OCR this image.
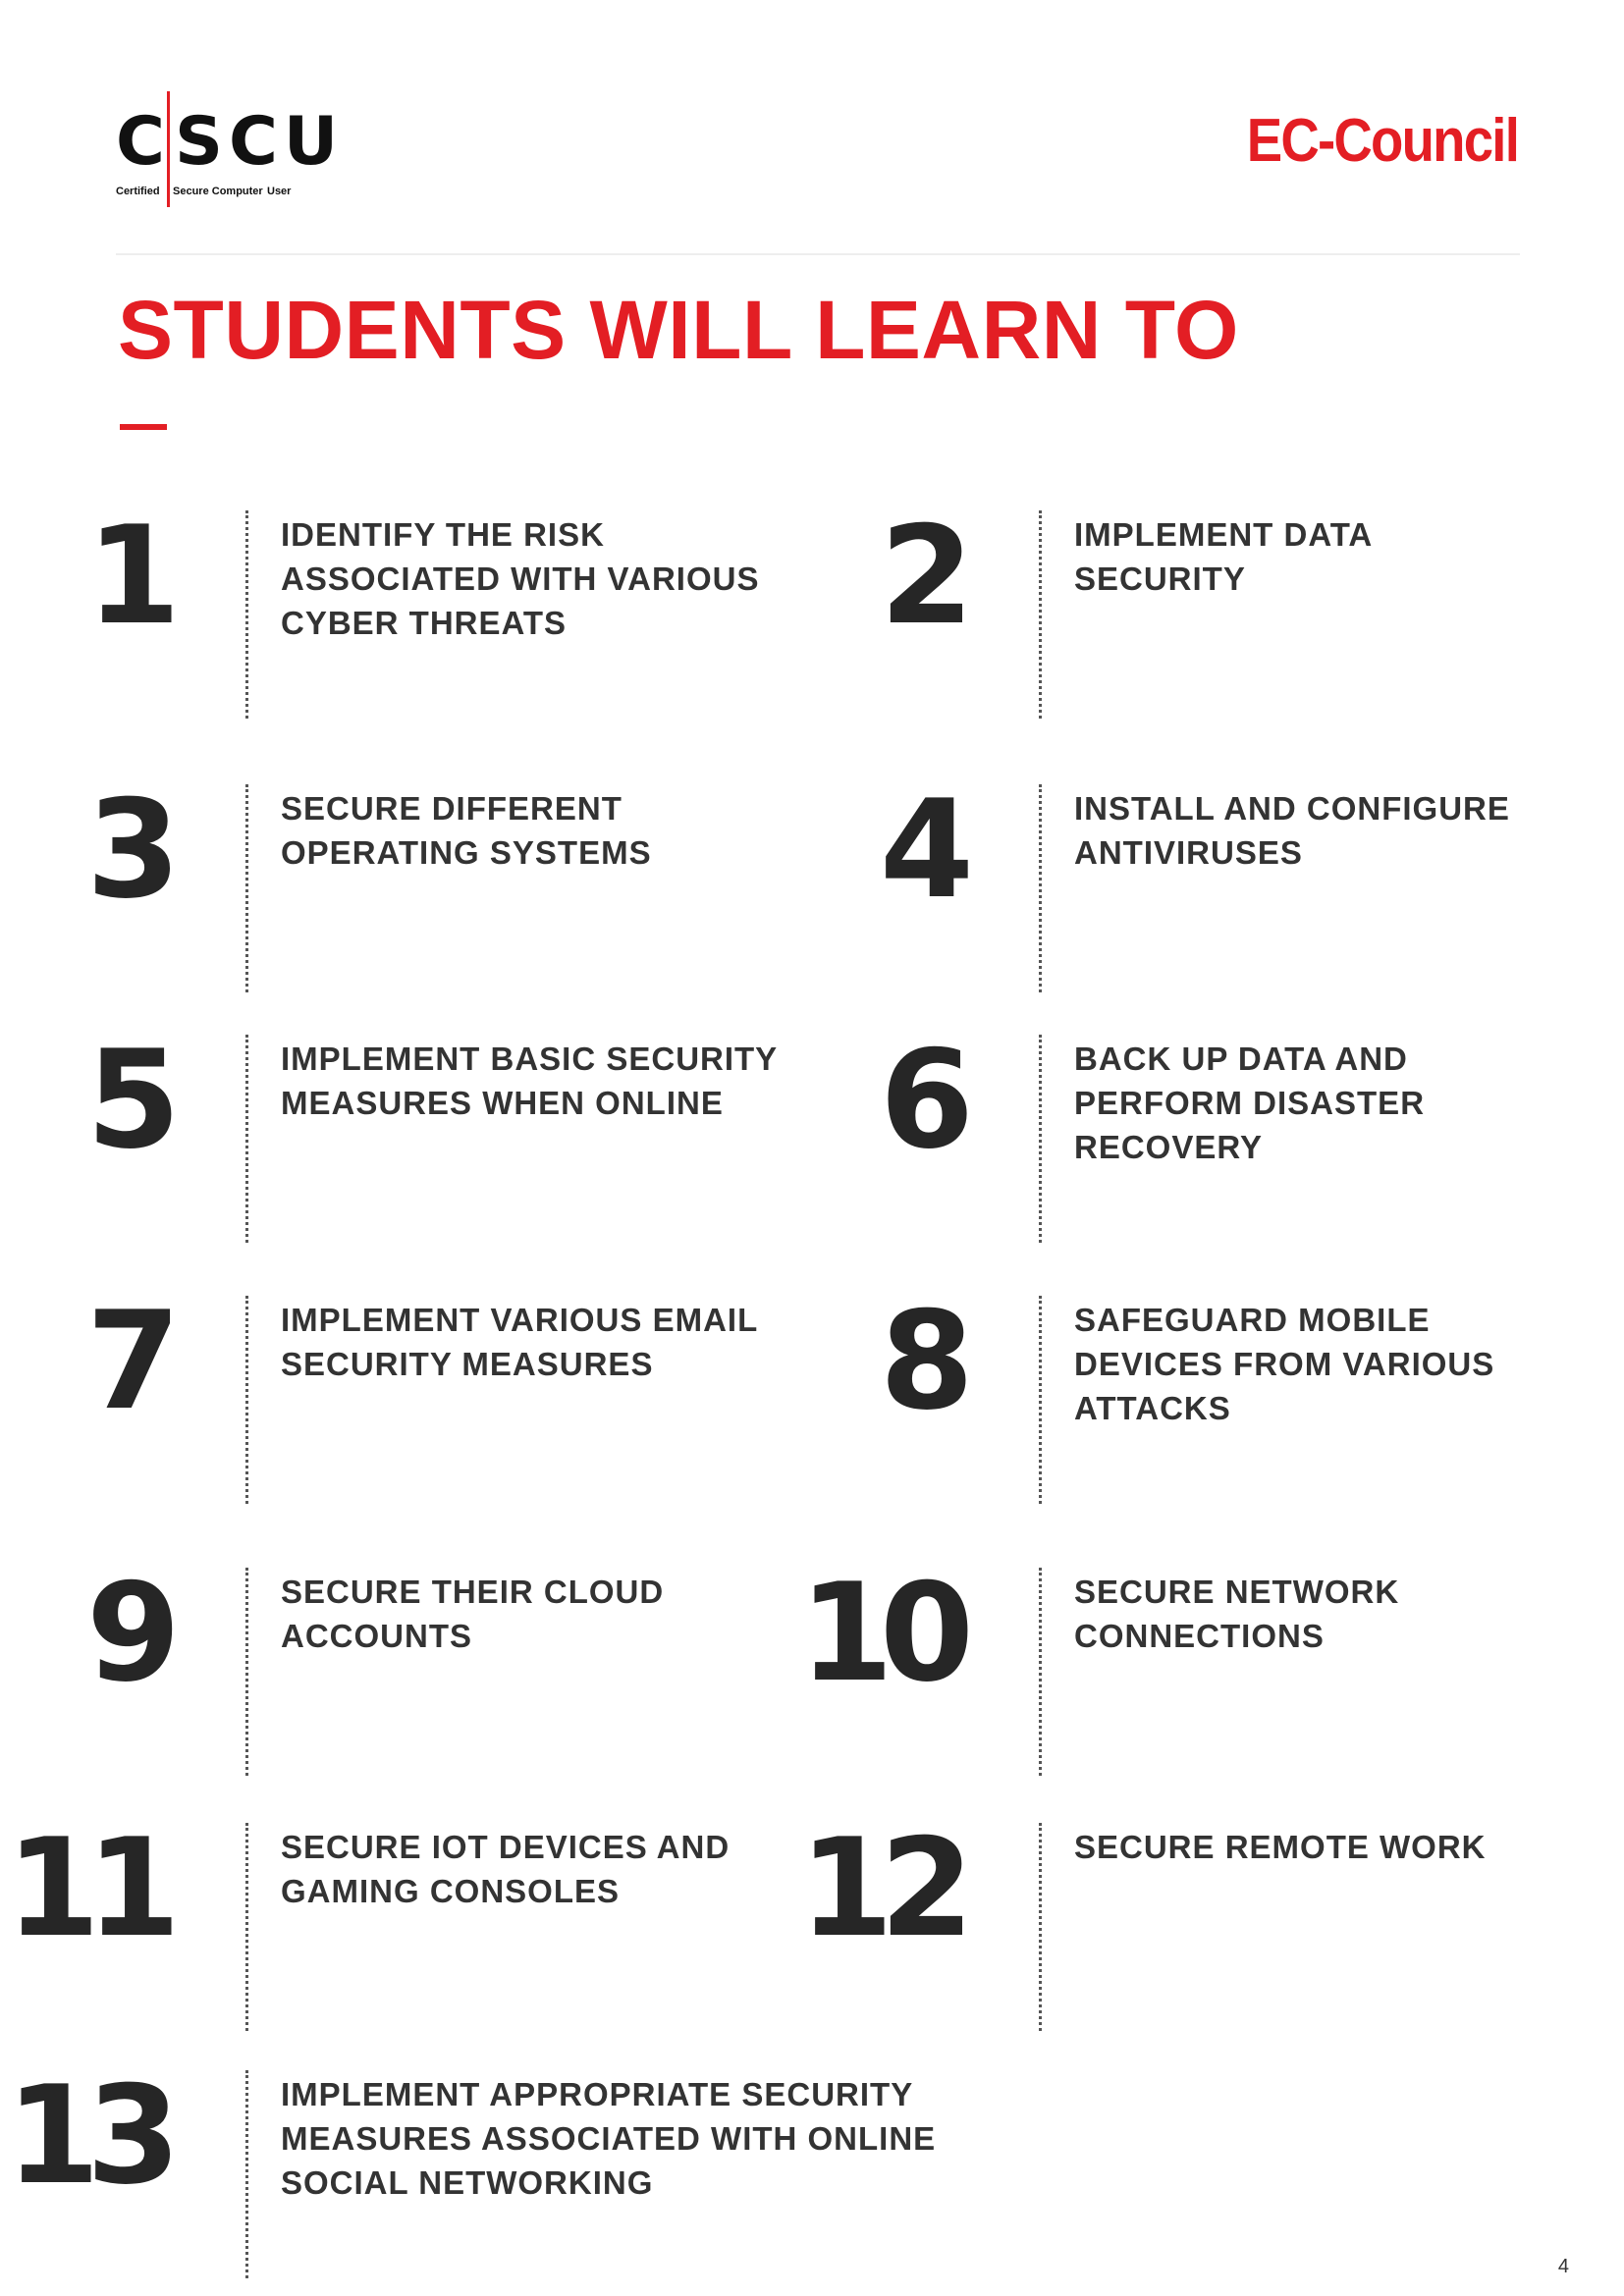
C SCU
Certified Secure Computer User
EC-Council
STUDENTS WILL LEARN TO
1	IDENTIFY THE RISK ASSOCIATED WITH VARIOUS CYBER THREATS
3	SECURE DIFFERENT OPERATING SYSTEMS
5	IMPLEMENT BASIC SECURITY MEASURES WHEN ONLINE
7	IMPLEMENT VARIOUS EMAIL SECURITY MEASURES
9	SECURE THEIR CLOUD ACCOUNTS
11	SECURE IOT DEVICES AND GAMING CONSOLES
13	IMPLEMENT APPROPRIATE SECURITY MEASURES ASSOCIATED WITH ONLINE SOCIAL NETWORKING
2	IMPLEMENT DATA SECURITY
4	INSTALL AND CONFIGURE ANTIVIRUSES
6	BACK UP DATA AND PERFORM DISASTER RECOVERY
8	SAFEGUARD MOBILE DEVICES FROM VARIOUS ATTACKS
10	SECURE NETWORK CONNECTIONS
12	SECURE REMOTE WORK
4
